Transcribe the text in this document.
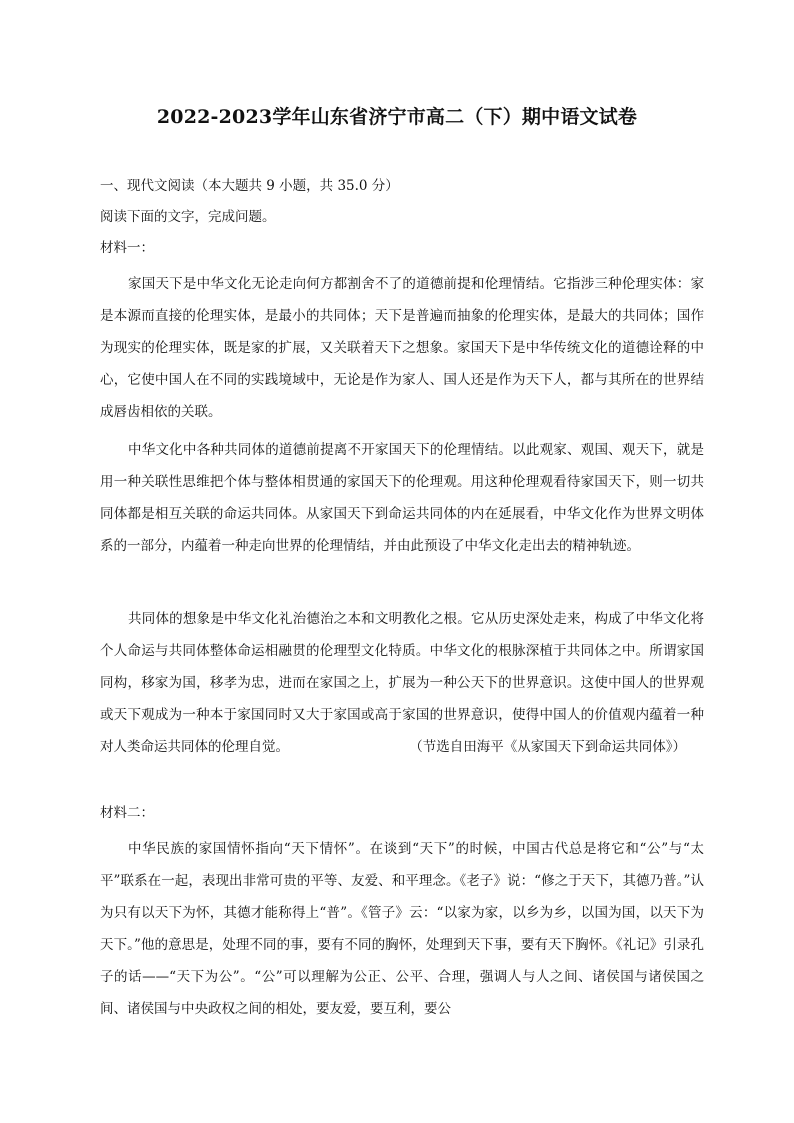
2022-2023学年山东省济宁市高二（下）期中语文试卷
一、现代文阅读（本大题共 9 小题，共 35.0 分）
阅读下面的文字，完成问题。
材料一：

家国天下是中华文化无论走向何方都割舍不了的道德前提和伦理情结。它指涉三种伦理实体：家是本源而直接的伦理实体，是最小的共同体；天下是普遍而抽象的伦理实体，是最大的共同体；国作为现实的伦理实体，既是家的扩展，又关联着天下之想象。家国天下是中华传统文化的道德诠释的中心，它使中国人在不同的实践境域中，无论是作为家人、国人还是作为天下人，都与其所在的世界结成唇齿相依的关联。

中华文化中各种共同体的道德前提离不开家国天下的伦理情结。以此观家、观国、观天下，就是用一种关联性思维把个体与整体相贯通的家国天下的伦理观。用这种伦理观看待家国天下，则一切共同体都是相互关联的命运共同体。从家国天下到命运共同体的内在延展看，中华文化作为世界文明体系的一部分，内蕴着一种走向世界的伦理情结，并由此预设了中华文化走出去的精神轨迹。

共同体的想象是中华文化礼治德治之本和文明教化之根。它从历史深处走来，构成了中华文化将个人命运与共同体整体命运相融贯的伦理型文化特质。中华文化的根脉深植于共同体之中。所谓家国同构，移家为国，移孝为忠，进而在家国之上，扩展为一种公天下的世界意识。这使中国人的世界观或天下观成为一种本于家国同时又大于家国或高于家国的世界意识，使得中国人的价值观内蕴着一种对人类命运共同体的伦理自觉。	（节选自田海平《从家国天下到命运共同体》）
材料二：

中华民族的家国情怀指向“天下情怀”。在谈到“天下”的时候，中国古代总是将它和“公”与“太平”联系在一起，表现出非常可贵的平等、友爱、和平理念。《老子》说：“修之于天下，其德乃普。”认为只有以天下为怀，其德才能称得上“普”。《管子》云：“以家为家，以乡为乡，以国为国，以天下为天下。”他的意思是，处理不同的事，要有不同的胸怀，处理到天下事，要有天下胸怀。《礼记》引录孔子的话——“天下为公”。“公”可以理解为公正、公平、合理，强调人与人之间、诸侯国与诸侯国之间、诸侯国与中央政权之间的相处，要友爱，要互利，要公
